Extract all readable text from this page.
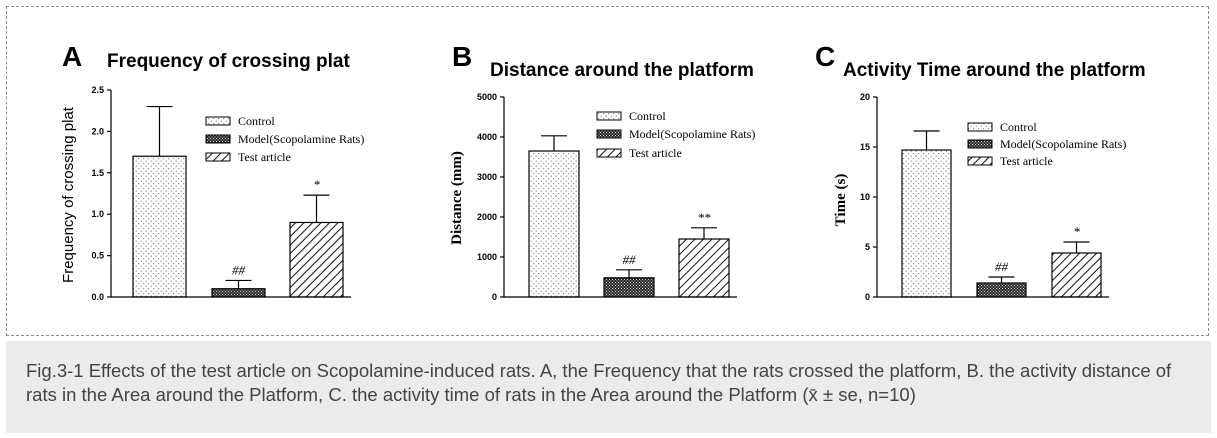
A Frequency of crossing plat
Frequency of crossing plat	##
*
0.0
0.5
1.0
1.5
2.0
2.5
Control
Model(Scopolamine Rats)
Test article
B Distance around the platform
Distance (mm)
##
**
0
1000
2000
3000
4000
5000
Control
Model(Scopolamine Rats)
Test article
C Activity Time around the platform
Time (s)
##
*
0
5
10
15
20
Control
Model(Scopolamine Rats)
Test article

Fig.3-1 Effects of the test article on Scopolamine-induced rats. A, the Frequency that the rats crossed the platform, B. the activity distance of rats in the Area around the Platform, C. the activity time of rats in the Area around the Platform (x̄ ± se, n=10)
